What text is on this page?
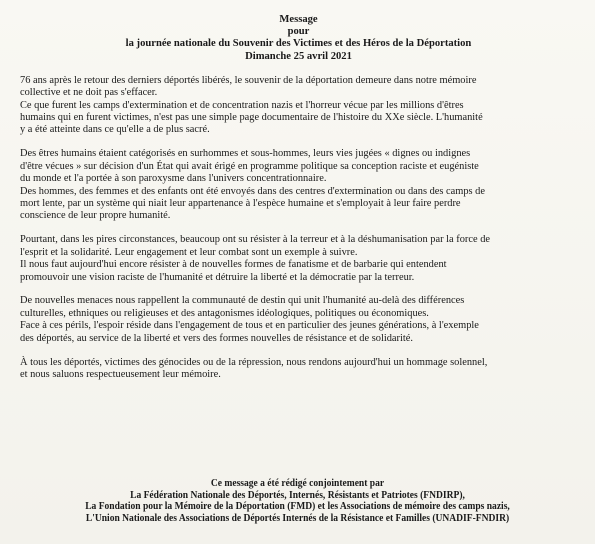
Message
pour
la journée nationale du Souvenir des Victimes et des Héros de la Déportation
Dimanche 25 avril 2021

76 ans après le retour des derniers déportés libérés, le souvenir de la déportation demeure dans notre mémoire

collective et ne doit pas s'effacer.

Ce que furent les camps d'extermination et de concentration nazis et l'horreur vécue par les millions d'êtres

humains qui en furent victimes, n'est pas une simple page documentaire de l'histoire du XXe siècle. L'humanité

y a été atteinte dans ce qu'elle a de plus sacré.

Des êtres humains étaient catégorisés en surhommes et sous-hommes, leurs vies jugées « dignes ou indignes

d'être vécues » sur décision d'un État qui avait érigé en programme politique sa conception raciste et eugéniste

du monde et l'a portée à son paroxysme dans l'univers concentrationnaire.

Des hommes, des femmes et des enfants ont été envoyés dans des centres d'extermination ou dans des camps de

mort lente, par un système qui niait leur appartenance à l'espèce humaine et s'employait à leur faire perdre

conscience de leur propre humanité.

Pourtant, dans les pires circonstances, beaucoup ont su résister à la terreur et à la déshumanisation par la force de

l'esprit et la solidarité. Leur engagement et leur combat sont un exemple à suivre.

Il nous faut aujourd'hui encore résister à de nouvelles formes de fanatisme et de barbarie qui entendent

promouvoir une vision raciste de l'humanité et détruire la liberté et la démocratie par la terreur.

De nouvelles menaces nous rappellent la communauté de destin qui unit l'humanité au-delà des différences

culturelles, ethniques ou religieuses et des antagonismes idéologiques, politiques ou économiques.

Face à ces périls, l'espoir réside dans l'engagement de tous et en particulier des jeunes générations, à l'exemple

des déportés, au service de la liberté et vers des formes nouvelles de résistance et de solidarité.

À tous les déportés, victimes des génocides ou de la répression, nous rendons aujourd'hui un hommage solennel,

et nous saluons respectueusement leur mémoire.

Ce message a été rédigé conjointement par
La Fédération Nationale des Déportés, Internés, Résistants et Patriotes (FNDIRP),
La Fondation pour la Mémoire de la Déportation (FMD) et les Associations de mémoire des camps nazis,
L'Union Nationale des Associations de Déportés Internés de la Résistance et Familles (UNADIF-FNDIR)
